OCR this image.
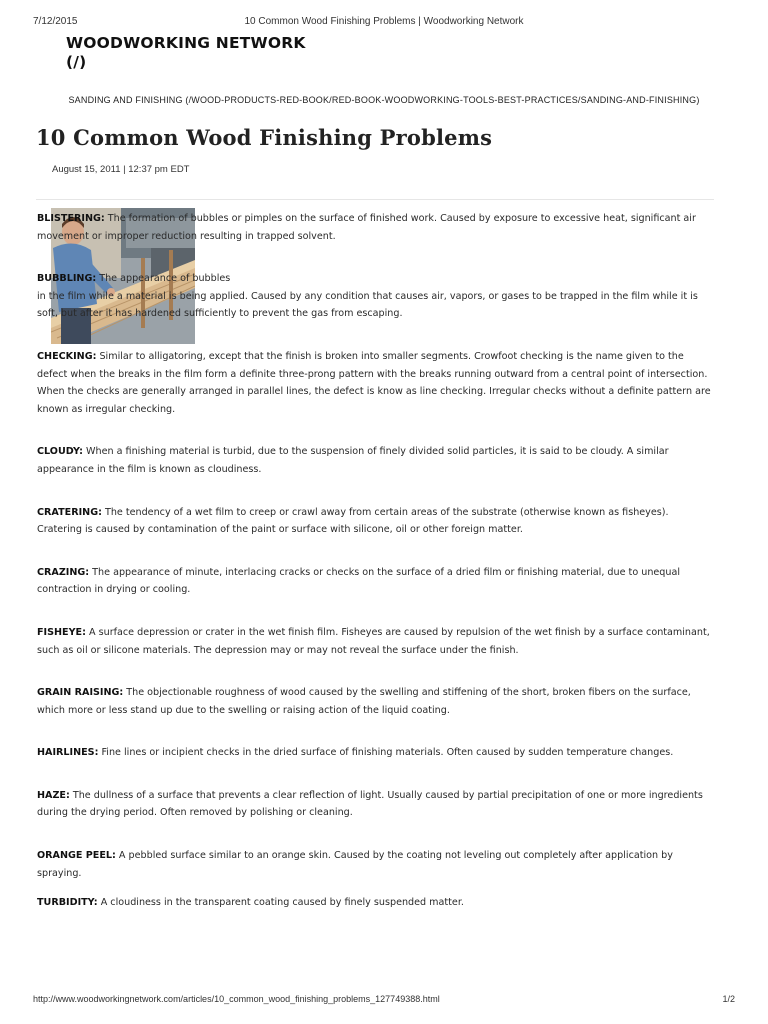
7/12/2015	10 Common Wood Finishing Problems | Woodworking Network
WOODWORKING NETWORK
(/)
SANDING AND FINISHING (/WOOD-PRODUCTS-RED-BOOK/RED-BOOK-WOODWORKING-TOOLS-BEST-PRACTICES/SANDING-AND-FINISHING)
10 Common Wood Finishing Problems
August 15, 2011 | 12:37 pm EDT

BLISTERING: The formation of bubbles or pimples on the surface of finished work. Caused by exposure to excessive heat, significant air movement or improper reduction resulting in trapped solvent.

BUBBLING: The appearance of bubbles

in the film while a material is being applied. Caused by any condition that causes air, vapors, or gases to be trapped in the film while it is soft, but after it has hardened sufficiently to prevent the gas from escaping.

CHECKING: Similar to alligatoring, except that the finish is broken into smaller segments. Crowfoot checking is the name given to the defect when the breaks in the film form a definite three-prong pattern with the breaks running outward from a central point of intersection. When the checks are generally arranged in parallel lines, the defect is know as line checking. Irregular checks without a definite pattern are known as irregular checking.

CLOUDY: When a finishing material is turbid, due to the suspension of finely divided solid particles, it is said to be cloudy. A similar appearance in the film is known as cloudiness.

CRATERING: The tendency of a wet film to creep or crawl away from certain areas of the substrate (otherwise known as fisheyes). Cratering is caused by contamination of the paint or surface with silicone, oil or other foreign matter.

CRAZING: The appearance of minute, interlacing cracks or checks on the surface of a dried film or finishing material, due to unequal contraction in drying or cooling.

FISHEYE: A surface depression or crater in the wet finish film. Fisheyes are caused by repulsion of the wet finish by a surface contaminant, such as oil or silicone materials. The depression may or may not reveal the surface under the finish.

GRAIN RAISING: The objectionable roughness of wood caused by the swelling and stiffening of the short, broken fibers on the surface, which more or less stand up due to the swelling or raising action of the liquid coating.

HAIRLINES: Fine lines or incipient checks in the dried surface of finishing materials. Often caused by sudden temperature changes.

HAZE: The dullness of a surface that prevents a clear reflection of light. Usually caused by partial precipitation of one or more ingredients during the drying period. Often removed by polishing or cleaning.

ORANGE PEEL: A pebbled surface similar to an orange skin. Caused by the coating not leveling out completely after application by spraying.

TURBIDITY: A cloudiness in the transparent coating caused by finely suspended matter.

http://www.woodworkingnetwork.com/articles/10_common_wood_finishing_problems_127749388.html	1/2
